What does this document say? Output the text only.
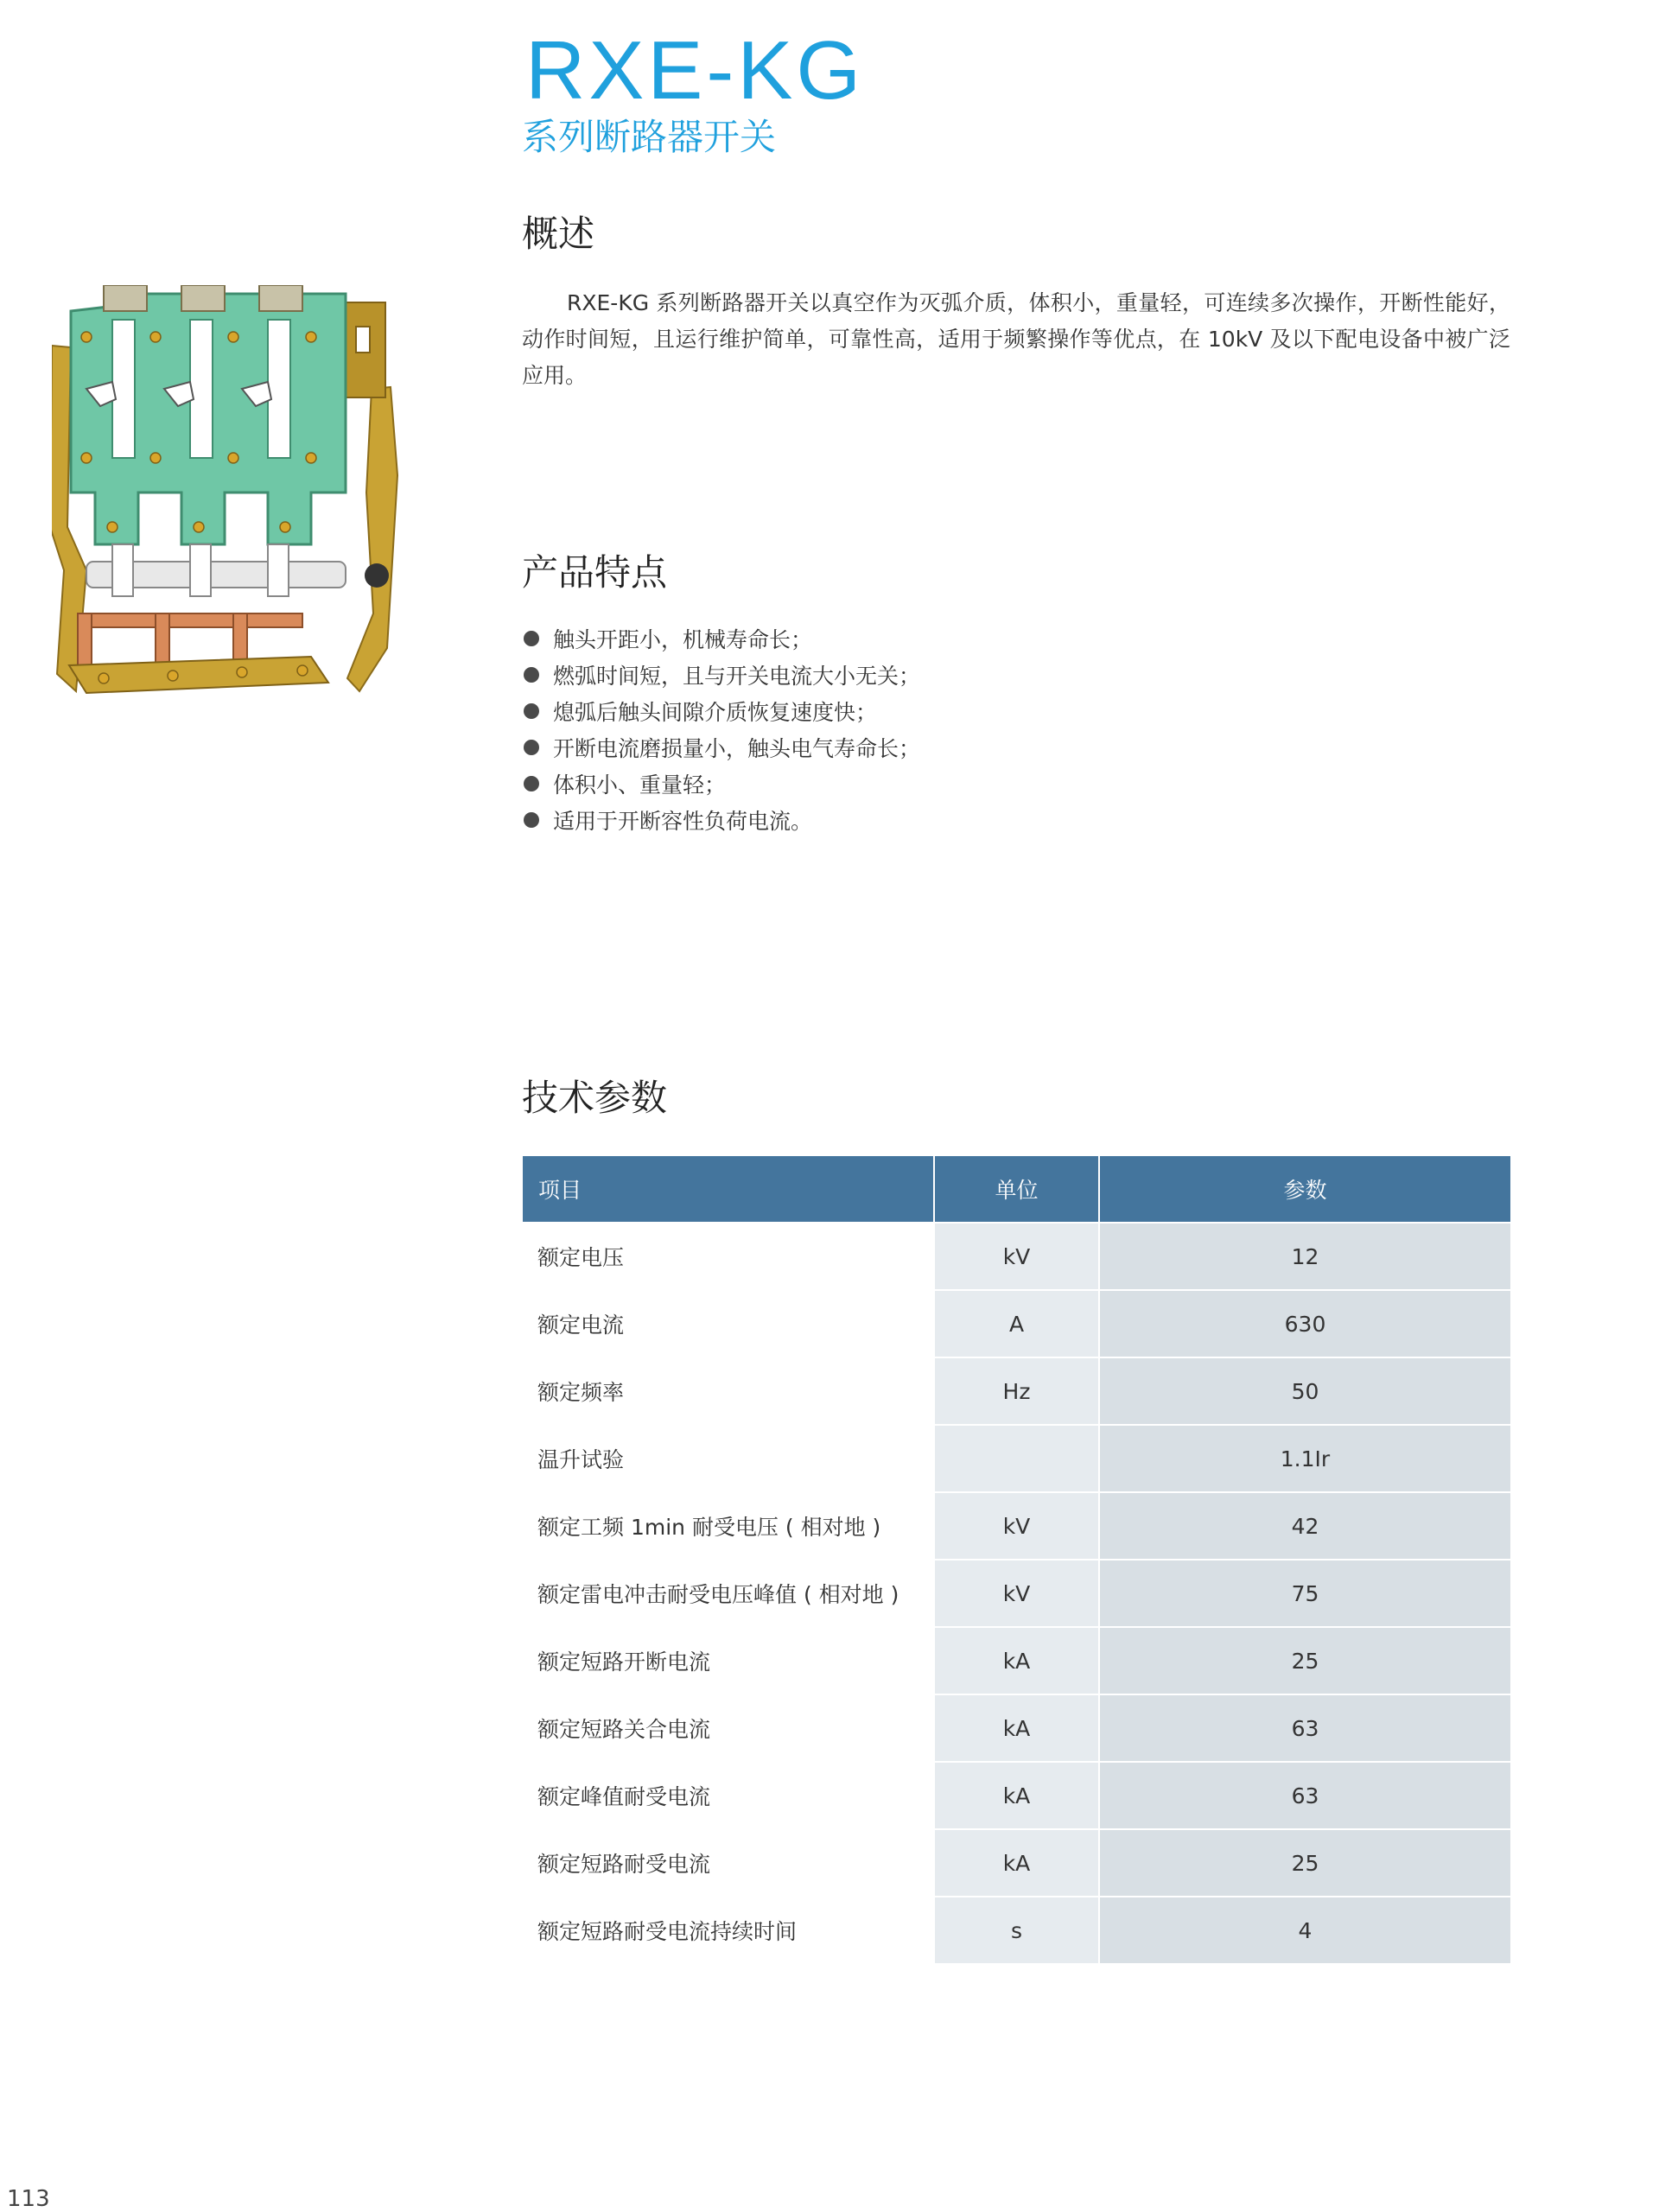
RXE-KG
系列断路器开关
概述

RXE-KG 系列断路器开关以真空作为灭弧介质，体积小，重量轻，可连续多次操作，开断性能好，动作时间短，且运行维护简单，可靠性高，适用于频繁操作等优点，在 10kV 及以下配电设备中被广泛应用。

产品特点
触头开距小，机械寿命长；
燃弧时间短，且与开关电流大小无关；
熄弧后触头间隙介质恢复速度快；
开断电流磨损量小，触头电气寿命长；
体积小、重量轻；
适用于开断容性负荷电流。
技术参数
项目	单位	参数
额定电压	kV	12
额定电流	A	630
额定频率	Hz	50
温升试验		1.1Ir
额定工频 1min 耐受电压 ( 相对地 )	kV	42
额定雷电冲击耐受电压峰值 ( 相对地 )	kV	75
额定短路开断电流	kA	25
额定短路关合电流	kA	63
额定峰值耐受电流	kA	63
额定短路耐受电流	kA	25
额定短路耐受电流持续时间	s	4
113
